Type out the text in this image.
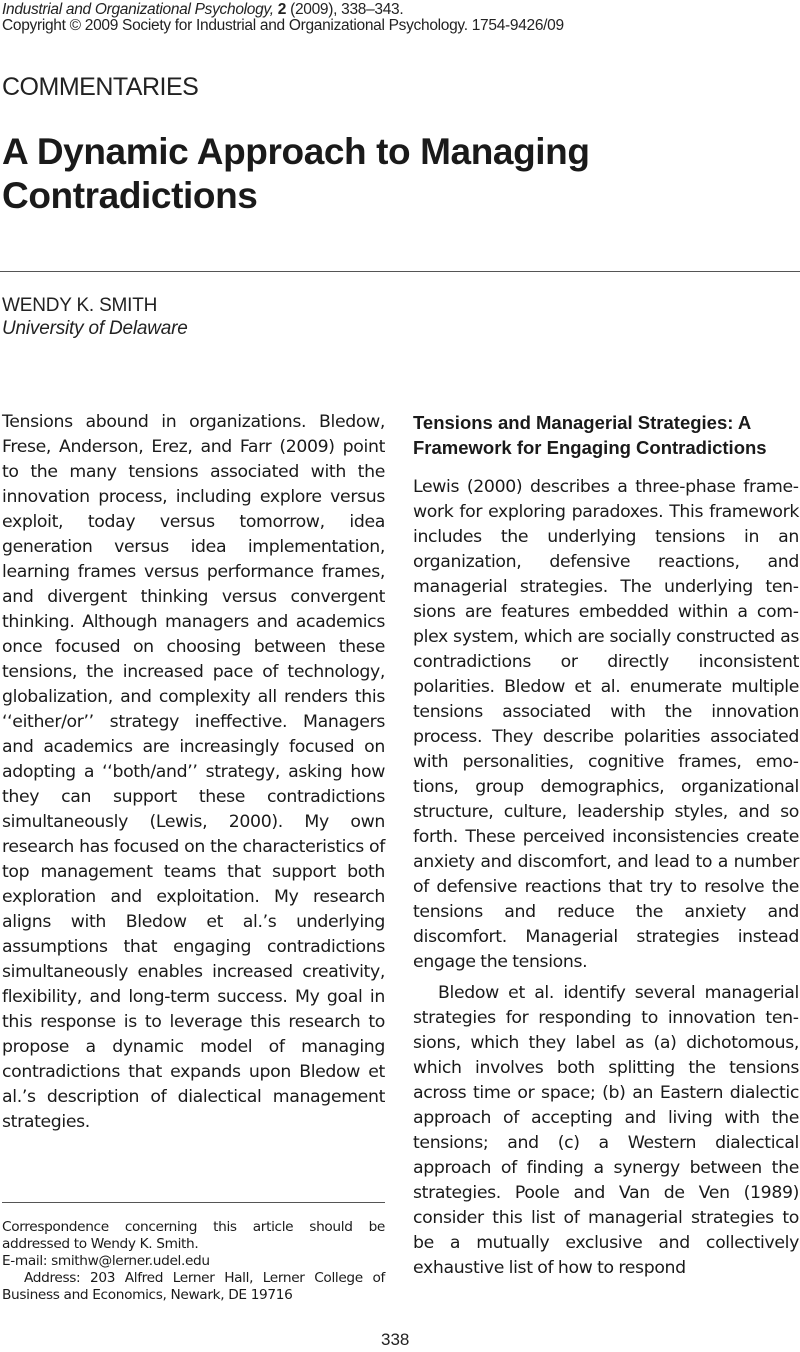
Industrial and Organizational Psychology, 2 (2009), 338–343.
Copyright © 2009 Society for Industrial and Organizational Psychology. 1754-9426/09
COMMENTARIES
A Dynamic Approach to Managing Contradictions
WENDY K. SMITH
University of Delaware

Tensions abound in organizations. Bledow, Frese, Anderson, Erez, and Farr (2009) point to the many tensions associated with the innovation process, including explore versus exploit, today versus tomorrow, idea generation versus idea implementation, learning frames versus performance frames, and divergent thinking versus convergent thinking. Although managers and academics once focused on choosing between these tensions, the increased pace of technology, globalization, and complexity all renders this ‘‘either/or’’ strategy ineffective. Managers and academics are increasingly focused on adopting a ‘‘both/and’’ strategy, asking how they can support these contradictions simultaneously (Lewis, 2000). My own research has focused on the characteristics of top management teams that support both exploration and exploitation. My research aligns with Bledow et al.’s underlying assumptions that engaging contradictions simultaneously enables increased creativity, flexibility, and long-term success. My goal in this response is to leverage this research to propose a dynamic model of managing contradictions that expands upon Bledow et al.’s description of dialectical management strategies.

Tensions and Managerial Strategies: A Framework for Engaging Contradictions

Lewis (2000) describes a three-phase framework for exploring paradoxes. This framework includes the underlying tensions in an organization, defensive reactions, and managerial strategies. The underlying tensions are features embedded within a complex system, which are socially constructed as contradictions or directly inconsistent polarities. Bledow et al. enumerate multiple tensions associated with the innovation process. They describe polarities associated with personalities, cognitive frames, emotions, group demographics, organizational structure, culture, leadership styles, and so forth. These perceived inconsistencies create anxiety and discomfort, and lead to a number of defensive reactions that try to resolve the tensions and reduce the anxiety and discomfort. Managerial strategies instead engage the tensions.

Bledow et al. identify several managerial strategies for responding to innovation tensions, which they label as (a) dichotomous, which involves both splitting the tensions across time or space; (b) an Eastern dialectic approach of accepting and living with the tensions; and (c) a Western dialectical approach of finding a synergy between the strategies. Poole and Van de Ven (1989) consider this list of managerial strategies to be a mutually exclusive and collectively exhaustive list of how to respond

Correspondence concerning this article should be addressed to Wendy K. Smith.

E-mail: smithw@lerner.udel.edu

Address: 203 Alfred Lerner Hall, Lerner College of Business and Economics, Newark, DE 19716

338
